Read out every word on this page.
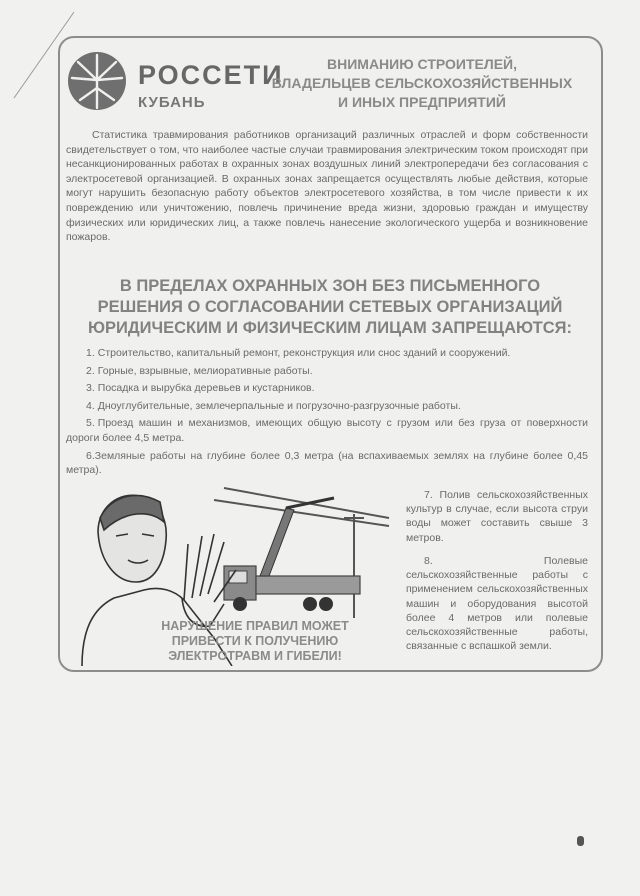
РОССЕТИ
КУБАНЬ
ВНИМАНИЮ СТРОИТЕЛЕЙ,
ВЛАДЕЛЬЦЕВ СЕЛЬСКОХОЗЯЙСТВЕННЫХ
И ИНЫХ ПРЕДПРИЯТИЙ

Статистика травмирования работников организаций различных отраслей и форм собственности свидетельствует о том, что наиболее частые случаи травмирования электрическим током происходят при несанкционированных работах в охранных зонах воздушных линий электропередачи без согласования с электросетевой организацией. В охранных зонах запрещается осуществлять любые действия, которые могут нарушить безопасную работу объектов электросетевого хозяйства, в том числе привести к их повреждению или уничтожению, повлечь причинение вреда жизни, здоровью граждан и имуществу физических или юридических лиц, а также повлечь нанесение экологического ущерба и возникновение пожаров.

В ПРЕДЕЛАХ ОХРАННЫХ ЗОН БЕЗ ПИСЬМЕННОГО
РЕШЕНИЯ О СОГЛАСОВАНИИ СЕТЕВЫХ ОРГАНИЗАЦИЙ
ЮРИДИЧЕСКИМ И ФИЗИЧЕСКИМ ЛИЦАМ ЗАПРЕЩАЮТСЯ:

1. Строительство, капитальный ремонт, реконструкция или снос зданий и сооружений.

2. Горные, взрывные, мелиоративные работы.

3. Посадка и вырубка деревьев и кустарников.

4. Дноуглубительные, землечерпальные и погрузочно-разгрузочные работы.

5. Проезд машин и механизмов, имеющих общую высоту с грузом или без груза от поверхности дороги более 4,5 метра.

6.Земляные работы на глубине более 0,3 метра (на вспахиваемых землях на глубине более 0,45 метра).

7. Полив сельскохозяйственных культур в случае, если высота струи воды может составить свыше 3 метров.
8.	Полевые сельскохозяйственные работы с применением сельскохозяйственных машин и оборудования высотой более 4 метров или полевые сельскохозяйственные работы, связанные с вспашкой земли.
НАРУШЕНИЕ ПРАВИЛ МОЖЕТ
ПРИВЕСТИ К ПОЛУЧЕНИЮ
ЭЛЕКТРОТРАВМ И ГИБЕЛИ!
